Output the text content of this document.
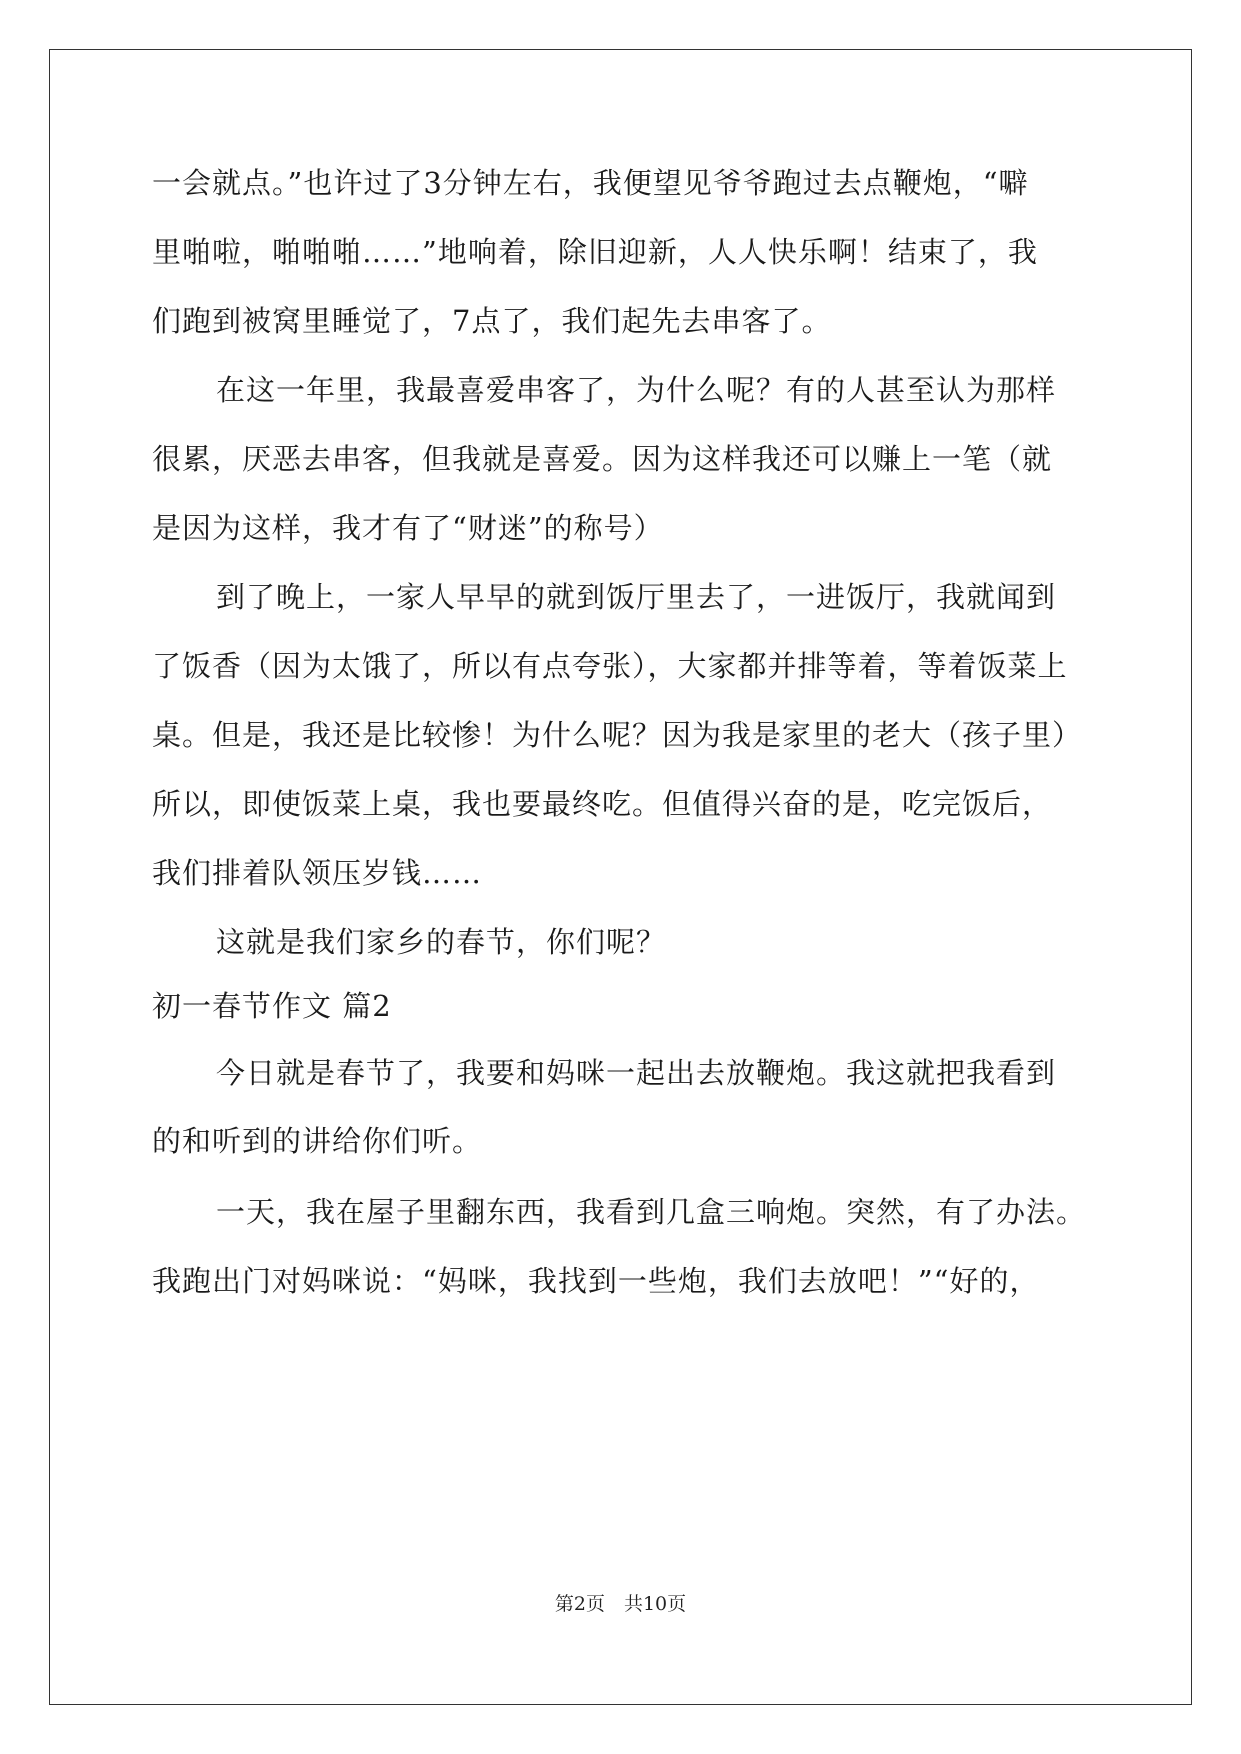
一会就点。”也许过了3分钟左右，我便望见爷爷跑过去点鞭炮，“噼
里啪啦，啪啪啪……”地响着，除旧迎新，人人快乐啊！结束了，我
们跑到被窝里睡觉了，7点了，我们起先去串客了。
在这一年里，我最喜爱串客了，为什么呢？有的人甚至认为那样
很累，厌恶去串客，但我就是喜爱。因为这样我还可以赚上一笔（就
是因为这样，我才有了“财迷”的称号）
到了晚上，一家人早早的就到饭厅里去了，一进饭厅，我就闻到
了饭香（因为太饿了，所以有点夸张），大家都并排等着，等着饭菜上
桌。但是，我还是比较惨！为什么呢？因为我是家里的老大（孩子里）
所以，即使饭菜上桌，我也要最终吃。但值得兴奋的是，吃完饭后，
我们排着队领压岁钱……
这就是我们家乡的春节，你们呢？
初一春节作文 篇2
今日就是春节了，我要和妈咪一起出去放鞭炮。我这就把我看到
的和听到的讲给你们听。
一天，我在屋子里翻东西，我看到几盒三响炮。突然，有了办法。
我跑出门对妈咪说：“妈咪，我找到一些炮，我们去放吧！”“好的，
第2页　共10页
